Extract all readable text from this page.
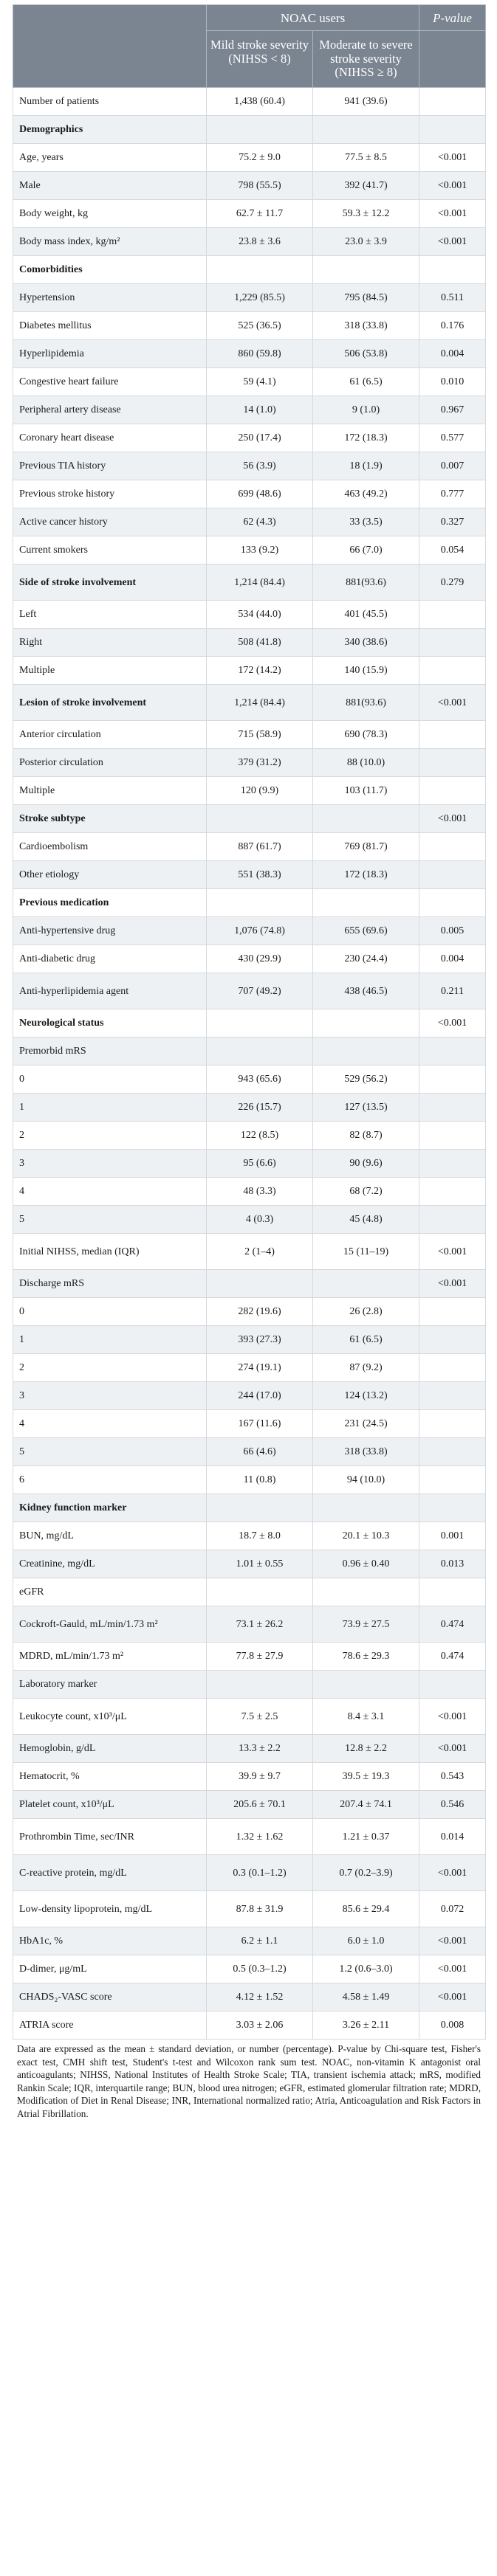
	NOAC users		P-value
	Mild stroke severity (NIHSS < 8)	Moderate to severe stroke severity (NIHSS ≥ 8)	
Number of patients	1,438 (60.4)	941 (39.6)	
Demographics			
Age, years	75.2 ± 9.0	77.5 ± 8.5	<0.001
Male	798 (55.5)	392 (41.7)	<0.001
Body weight, kg	62.7 ± 11.7	59.3 ± 12.2	<0.001
Body mass index, kg/m²	23.8 ± 3.6	23.0 ± 3.9	<0.001
Comorbidities			
Hypertension	1,229 (85.5)	795 (84.5)	0.511
Diabetes mellitus	525 (36.5)	318 (33.8)	0.176
Hyperlipidemia	860 (59.8)	506 (53.8)	0.004
Congestive heart failure	59 (4.1)	61 (6.5)	0.010
Peripheral artery disease	14 (1.0)	9 (1.0)	0.967
Coronary heart disease	250 (17.4)	172 (18.3)	0.577
Previous TIA history	56 (3.9)	18 (1.9)	0.007
Previous stroke history	699 (48.6)	463 (49.2)	0.777
Active cancer history	62 (4.3)	33 (3.5)	0.327
Current smokers	133 (9.2)	66 (7.0)	0.054
Side of stroke involvement	1,214 (84.4)	881(93.6)	0.279
Left	534 (44.0)	401 (45.5)	
Right	508 (41.8)	340 (38.6)	
Multiple	172 (14.2)	140 (15.9)	
Lesion of stroke involvement	1,214 (84.4)	881(93.6)	<0.001
Anterior circulation	715 (58.9)	690 (78.3)	
Posterior circulation	379 (31.2)	88 (10.0)	
Multiple	120 (9.9)	103 (11.7)	
Stroke subtype			<0.001
Cardioembolism	887 (61.7)	769 (81.7)	
Other etiology	551 (38.3)	172 (18.3)	
Previous medication			
Anti-hypertensive drug	1,076 (74.8)	655 (69.6)	0.005
Anti-diabetic drug	430 (29.9)	230 (24.4)	0.004
Anti-hyperlipidemia agent	707 (49.2)	438 (46.5)	0.211
Neurological status			<0.001
Premorbid mRS			
0	943 (65.6)	529 (56.2)	
1	226 (15.7)	127 (13.5)	
2	122 (8.5)	82 (8.7)	
3	95 (6.6)	90 (9.6)	
4	48 (3.3)	68 (7.2)	
5	4 (0.3)	45 (4.8)	
Initial NIHSS, median (IQR)	2 (1–4)	15 (11–19)	<0.001
Discharge mRS			<0.001
0	282 (19.6)	26 (2.8)	
1	393 (27.3)	61 (6.5)	
2	274 (19.1)	87 (9.2)	
3	244 (17.0)	124 (13.2)	
4	167 (11.6)	231 (24.5)	
5	66 (4.6)	318 (33.8)	
6	11 (0.8)	94 (10.0)	
Kidney function marker			
BUN, mg/dL	18.7 ± 8.0	20.1 ± 10.3	0.001
Creatinine, mg/dL	1.01 ± 0.55	0.96 ± 0.40	0.013
eGFR			
Cockroft-Gauld, mL/min/1.73 m²	73.1 ± 26.2	73.9 ± 27.5	0.474
MDRD, mL/min/1.73 m²	77.8 ± 27.9	78.6 ± 29.3	0.474
Laboratory marker			
Leukocyte count, x10³/μL	7.5 ± 2.5	8.4 ± 3.1	<0.001
Hemoglobin, g/dL	13.3 ± 2.2	12.8 ± 2.2	<0.001
Hematocrit, %	39.9 ± 9.7	39.5 ± 19.3	0.543
Platelet count, x10³/μL	205.6 ± 70.1	207.4 ± 74.1	0.546
Prothrombin Time, sec/INR	1.32 ± 1.62	1.21 ± 0.37	0.014
C-reactive protein, mg/dL	0.3 (0.1–1.2)	0.7 (0.2–3.9)	<0.001
Low-density lipoprotein, mg/dL	87.8 ± 31.9	85.6 ± 29.4	0.072
HbA1c, %	6.2 ± 1.1	6.0 ± 1.0	<0.001
D-dimer, μg/mL	0.5 (0.3–1.2)	1.2 (0.6–3.0)	<0.001
CHADS₂-VASC score	4.12 ± 1.52	4.58 ± 1.49	<0.001
ATRIA score	3.03 ± 2.06	3.26 ± 2.11	0.008
Data are expressed as the mean ± standard deviation, or number (percentage). P-value by Chi-square test, Fisher's exact test, CMH shift test, Student's t-test and Wilcoxon rank sum test. NOAC, non-vitamin K antagonist oral anticoagulants; NIHSS, National Institutes of Health Stroke Scale; TIA, transient ischemia attack; mRS, modified Rankin Scale; IQR, interquartile range; BUN, blood urea nitrogen; eGFR, estimated glomerular filtration rate; MDRD, Modification of Diet in Renal Disease; INR, International normalized ratio; Atria, Anticoagulation and Risk Factors in Atrial Fibrillation.
